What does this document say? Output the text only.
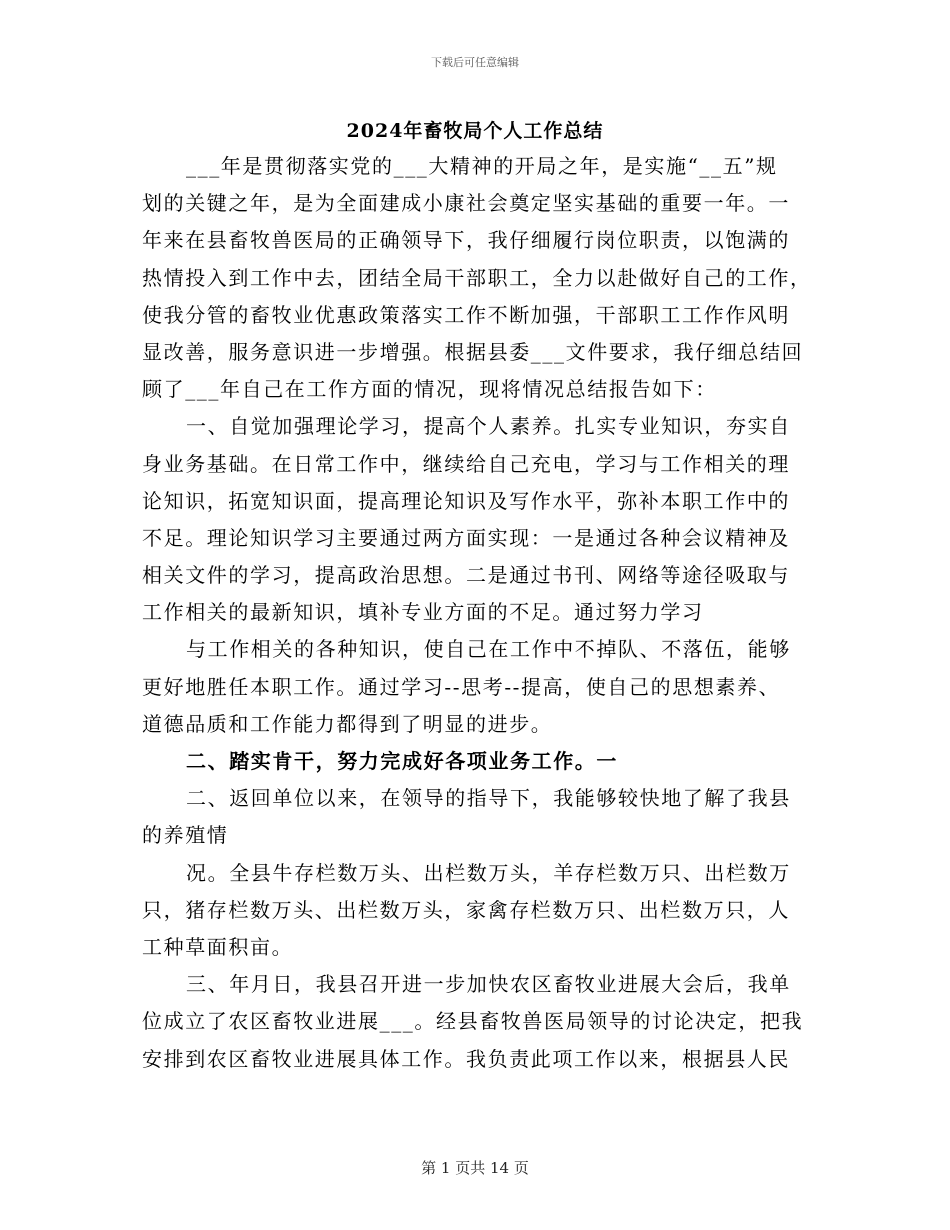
下载后可任意编辑
2024年畜牧局个人工作总结
___年是贯彻落实党的___大精神的开局之年，是实施“__五”规
划的关键之年，是为全面建成小康社会奠定坚实基础的重要一年。一
年来在县畜牧兽医局的正确领导下，我仔细履行岗位职责，以饱满的
热情投入到工作中去，团结全局干部职工，全力以赴做好自己的工作，
使我分管的畜牧业优惠政策落实工作不断加强，干部职工工作作风明
显改善，服务意识进一步增强。根据县委___文件要求，我仔细总结回
顾了___年自己在工作方面的情况，现将情况总结报告如下：
一、自觉加强理论学习，提高个人素养。扎实专业知识，夯实自
身业务基础。在日常工作中，继续给自己充电，学习与工作相关的理
论知识，拓宽知识面，提高理论知识及写作水平，弥补本职工作中的
不足。理论知识学习主要通过两方面实现：一是通过各种会议精神及
相关文件的学习，提高政治思想。二是通过书刊、网络等途径吸取与
工作相关的最新知识，填补专业方面的不足。通过努力学习
与工作相关的各种知识，使自己在工作中不掉队、不落伍，能够
更好地胜任本职工作。通过学习--思考--提高，使自己的思想素养、
道德品质和工作能力都得到了明显的进步。
二、踏实肯干，努力完成好各项业务工作。一
二、返回单位以来，在领导的指导下，我能够较快地了解了我县
的养殖情
况。全县牛存栏数万头、出栏数万头，羊存栏数万只、出栏数万
只，猪存栏数万头、出栏数万头，家禽存栏数万只、出栏数万只，人
工种草面积亩。
三、年月日，我县召开进一步加快农区畜牧业进展大会后，我单
位成立了农区畜牧业进展___。经县畜牧兽医局领导的讨论决定，把我
安排到农区畜牧业进展具体工作。我负责此项工作以来，根据县人民
第 1 页共 14 页
